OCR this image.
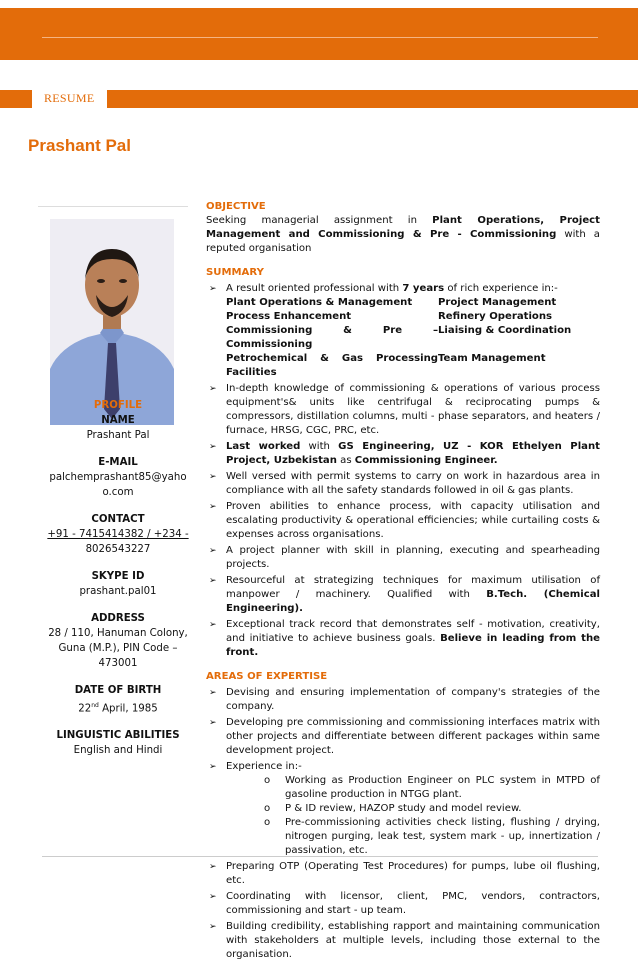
RESUME
Prashant Pal
PROFILE
NAME
Prashant Pal
E-MAIL
palchemprashant85@yaho
o.com
CONTACT
+91 - 7415414382 / +234 -
8026543227
SKYPE ID
prashant.pal01
ADDRESS
28 / 110, Hanuman Colony,
Guna (M.P.), PIN Code –
473001
DATE OF BIRTH
22nd April, 1985
LINGUISTIC ABILITIES
English and Hindi
OBJECTIVE
Seeking managerial assignment in Plant Operations, Project Management and Commissioning & Pre - Commissioning with a reputed organisation
SUMMARY
➢ A result oriented professional with 7 years of rich experience in:-
Plant Operations & Management	Project Management
Process Enhancement	Refinery Operations
Commissioning & Pre – Commissioning
Liaising & Coordination
Petrochemical & Gas Processing Facilities
Team Management
➢ In-depth knowledge of commissioning & operations of various process equipment's& units like centrifugal & reciprocating pumps & compressors, distillation columns, multi - phase separators, and heaters / furnace, HRSG, CGC, PRC, etc.
➢ Last worked with GS Engineering, UZ - KOR Ethelyen Plant Project, Uzbekistan as Commissioning Engineer.
➢ Well versed with permit systems to carry on work in hazardous area in compliance with all the safety standards followed in oil & gas plants.
➢ Proven abilities to enhance process, with capacity utilisation and escalating productivity & operational efficiencies; while curtailing costs & expenses across organisations.
➢ A project planner with skill in planning, executing and spearheading projects.
➢ Resourceful at strategizing techniques for maximum utilisation of manpower / machinery. Qualified with B.Tech. (Chemical Engineering).
➢ Exceptional track record that demonstrates self - motivation, creativity, and initiative to achieve business goals. Believe in leading from the front.
AREAS OF EXPERTISE
➢ Devising and ensuring implementation of company's strategies of the company.
➢ Developing pre commissioning and commissioning interfaces matrix with other projects and differentiate between different packages within same development project.
➢ Experience in:-
o Working as Production Engineer on PLC system in MTPD of gasoline production in NTGG plant.
o P & ID review, HAZOP study and model review.
o Pre-commissioning activities check listing, flushing / drying, nitrogen purging, leak test, system mark - up, innertization / passivation, etc.
➢ Preparing OTP (Operating Test Procedures) for pumps, lube oil flushing, etc.
➢ Coordinating with licensor, client, PMC, vendors, contractors, commissioning and start - up team.
➢ Building credibility, establishing rapport and maintaining communication with stakeholders at multiple levels, including those external to the organisation.
